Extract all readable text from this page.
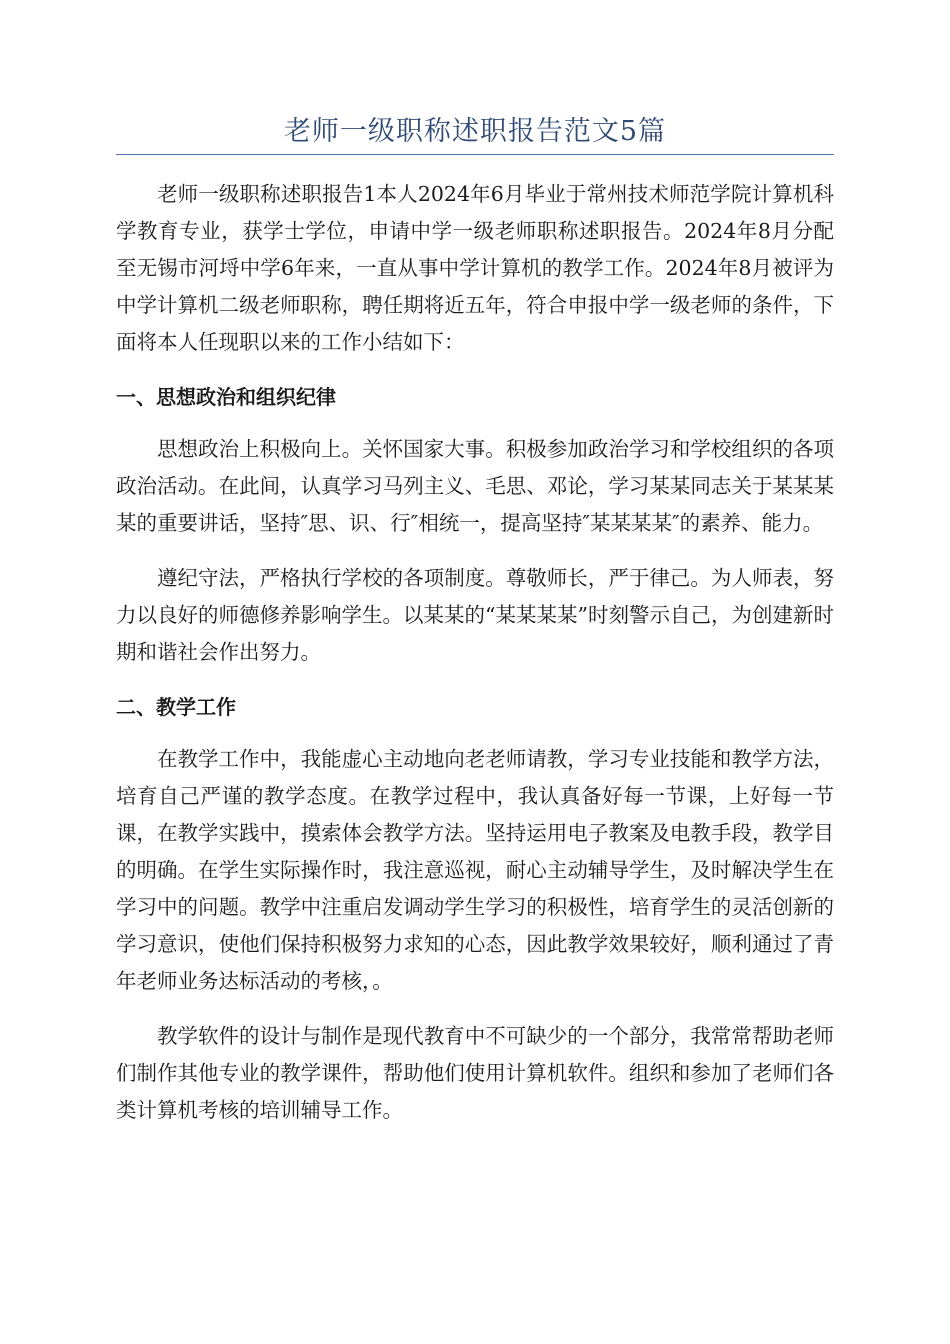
老师一级职称述职报告范文5篇

老师一级职称述职报告1本人2024年6月毕业于常州技术师范学院计算机科学教育专业，获学士学位，申请中学一级老师职称述职报告。2024年8月分配至无锡市河埒中学6年来，一直从事中学计算机的教学工作。2024年8月被评为中学计算机二级老师职称，聘任期将近五年，符合申报中学一级老师的条件，下面将本人任现职以来的工作小结如下：

一、思想政治和组织纪律

思想政治上积极向上。关怀国家大事。积极参加政治学习和学校组织的各项政治活动。在此间，认真学习马列主义、毛思、邓论，学习某某同志关于某某某某的重要讲话，坚持″思、识、行″相统一，提高坚持″某某某某″的素养、能力。

遵纪守法，严格执行学校的各项制度。尊敬师长，严于律己。为人师表，努力以良好的师德修养影响学生。以某某的“某某某某”时刻警示自己，为创建新时期和谐社会作出努力。

二、教学工作

在教学工作中，我能虚心主动地向老老师请教，学习专业技能和教学方法，培育自己严谨的教学态度。在教学过程中，我认真备好每一节课，上好每一节课，在教学实践中，摸索体会教学方法。坚持运用电子教案及电教手段，教学目的明确。在学生实际操作时，我注意巡视，耐心主动辅导学生，及时解决学生在学习中的问题。教学中注重启发调动学生学习的积极性，培育学生的灵活创新的学习意识，使他们保持积极努力求知的心态，因此教学效果较好，顺利通过了青年老师业务达标活动的考核，。

教学软件的设计与制作是现代教育中不可缺少的一个部分，我常常帮助老师们制作其他专业的教学课件，帮助他们使用计算机软件。组织和参加了老师们各类计算机考核的培训辅导工作。
